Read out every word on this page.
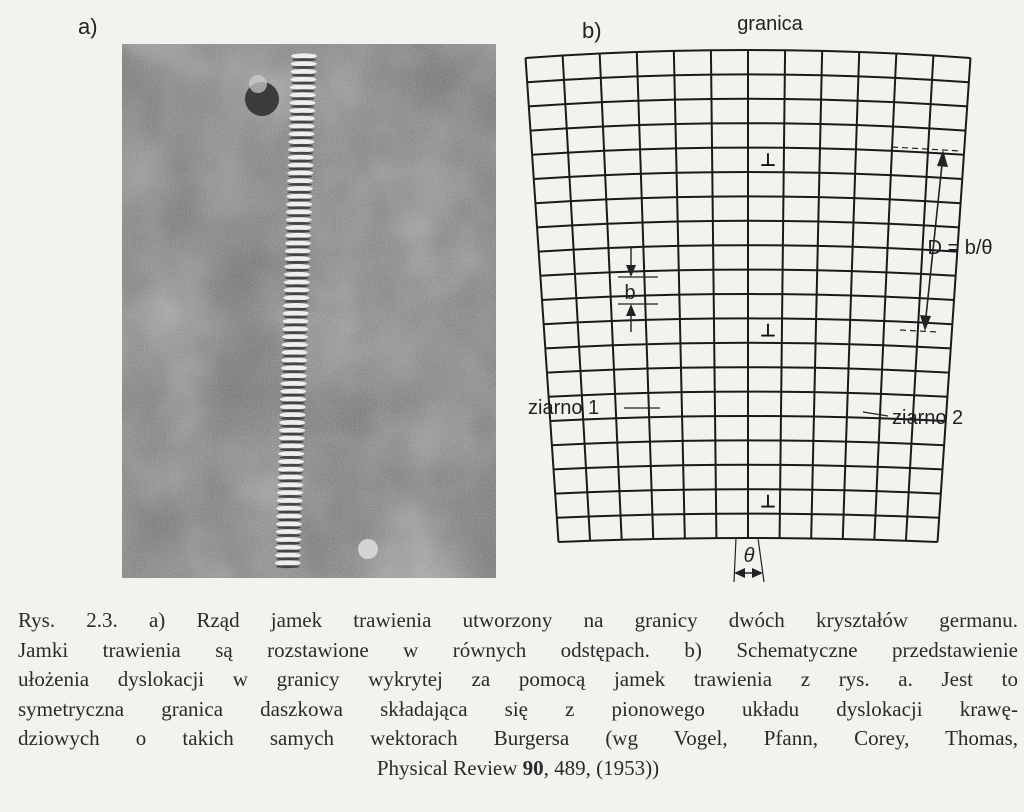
a)	b)
⊥
⊥
⊥
granica
D = b/θ
b
ziarno 1	ziarno 2
θ
Rys. 2.3. a) Rząd jamek trawienia utworzony na granicy dwóch kryształów germanu.
Jamki trawienia są rozstawione w równych odstępach. b) Schematyczne przedstawienie
ułożenia dyslokacji w granicy wykrytej za pomocą jamek trawienia z rys. a. Jest to
symetryczna granica daszkowa składająca się z pionowego układu dyslokacji krawę-
dziowych o takich samych wektorach Burgersa (wg Vogel, Pfann, Corey, Thomas,
Physical Review 90, 489, (1953))
